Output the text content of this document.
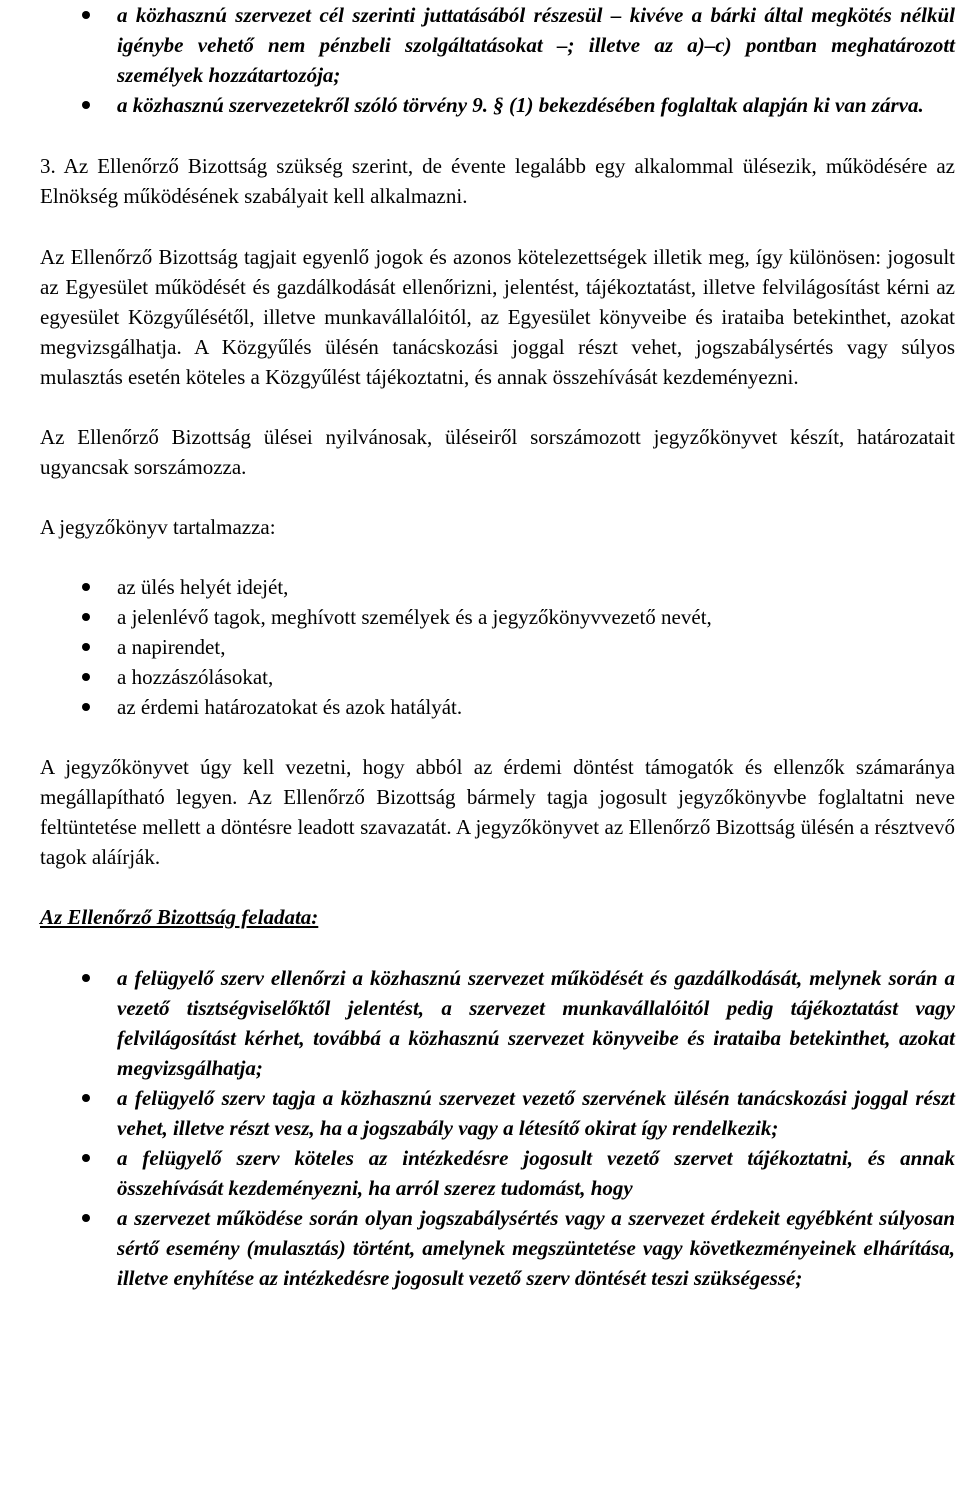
a közhasznú szervezet cél szerinti juttatásából részesül – kivéve a bárki által megkötés nélkül igénybe vehető nem pénzbeli szolgáltatásokat –; illetve az a)–c) pontban meghatározott személyek hozzátartozója;
a közhasznú szervezetekről szóló törvény 9. § (1) bekezdésében foglaltak alapján ki van zárva.

3. Az Ellenőrző Bizottság szükség szerint, de évente legalább egy alkalommal ülésezik, működésére az Elnökség működésének szabályait kell alkalmazni.

Az Ellenőrző Bizottság tagjait egyenlő jogok és azonos kötelezettségek illetik meg, így különösen: jogosult az Egyesület működését és gazdálkodását ellenőrizni, jelentést, tájékoztatást, illetve felvilágosítást kérni az egyesület Közgyűlésétől, illetve munkavállalóitól, az Egyesület könyveibe és irataiba betekinthet, azokat megvizsgálhatja. A Közgyűlés ülésén tanácskozási joggal részt vehet, jogszabálysértés vagy súlyos mulasztás esetén köteles a Közgyűlést tájékoztatni, és annak összehívását kezdeményezni.

Az Ellenőrző Bizottság ülései nyilvánosak, üléseiről sorszámozott jegyzőkönyvet készít, határozatait ugyancsak sorszámozza.

A jegyzőkönyv tartalmazza:

az ülés helyét idejét,
a jelenlévő tagok, meghívott személyek és a jegyzőkönyvvezető nevét,
a napirendet,
a hozzászólásokat,
az érdemi határozatokat és azok hatályát.

A jegyzőkönyvet úgy kell vezetni, hogy abból az érdemi döntést támogatók és ellenzők számaránya megállapítható legyen. Az Ellenőrző Bizottság bármely tagja jogosult jegyzőkönyvbe foglaltatni neve feltüntetése mellett a döntésre leadott szavazatát. A jegyzőkönyvet az Ellenőrző Bizottság ülésén a résztvevő tagok aláírják.

Az Ellenőrző Bizottság feladata:

a felügyelő szerv ellenőrzi a közhasznú szervezet működését és gazdálkodását, melynek során a vezető tisztségviselőktől jelentést, a szervezet munkavállalóitól pedig tájékoztatást vagy felvilágosítást kérhet, továbbá a közhasznú szervezet könyveibe és irataiba betekinthet, azokat megvizsgálhatja;
a felügyelő szerv tagja a közhasznú szervezet vezető szervének ülésén tanácskozási joggal részt vehet, illetve részt vesz, ha a jogszabály vagy a létesítő okirat így rendelkezik;
a felügyelő szerv köteles az intézkedésre jogosult vezető szervet tájékoztatni, és annak összehívását kezdeményezni, ha arról szerez tudomást, hogy
a szervezet működése során olyan jogszabálysértés vagy a szervezet érdekeit egyébként súlyosan sértő esemény (mulasztás) történt, amelynek megszüntetése vagy következményeinek elhárítása, illetve enyhítése az intézkedésre jogosult vezető szerv döntését teszi szükségessé;
